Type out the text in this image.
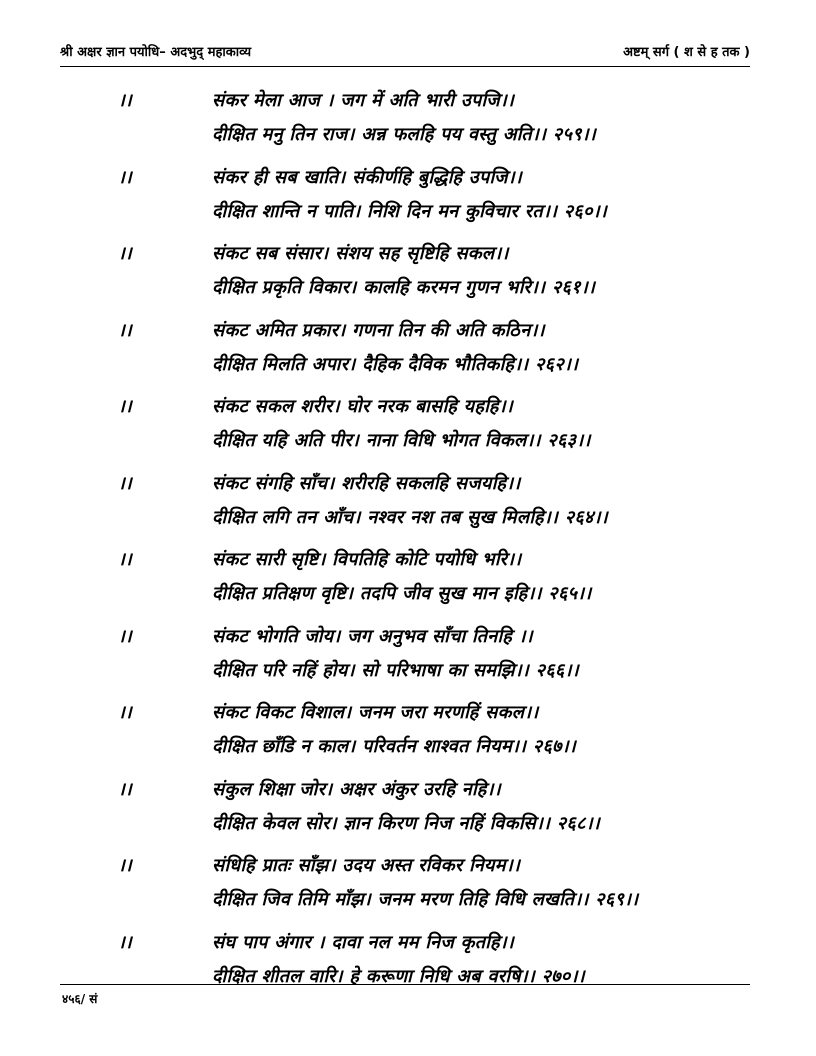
श्री अक्षर ज्ञान पयोधि– अदभुद् महाकाव्य	अष्टम् सर्ग ( श से ह तक )
।।	संकर मेला आज । जग में अति भारी उपजि।।
दीक्षित मनु तिन राज। अन्न फलहि पय वस्तु अति।। २५९।।
।।	संकर ही सब खाति। संकीर्णहि बुद्धिहि उपजि।।
दीक्षित शान्ति न पाति। निशि दिन मन कुविचार रत।। २६०।।
।।	संकट सब संसार। संशय सह सृष्टिहि सकल।।
दीक्षित प्रकृति विकार। कालहि करमन गुणन भरि।। २६१।।
।।	संकट अमित प्रकार। गणना तिन की अति कठिन।।
दीक्षित मिलति अपार। दैहिक दैविक भौतिकहि।। २६२।।
।।	संकट सकल शरीर। घोर नरक बासहि यहहि।।
दीक्षित यहि अति पीर। नाना विधि भोगत विकल।। २६३।।
।।	संकट संगहि साँच। शरीरहि सकलहि सजयहि।।
दीक्षित लगि तन आँच। नश्वर नश तब सुख मिलहि।। २६४।।
।।	संकट सारी सृष्टि। विपतिहि कोटि पयोधि भरि।।
दीक्षित प्रतिक्षण वृष्टि। तदपि जीव सुख मान इहि।। २६५।।
।।	संकट भोगति जोय। जग अनुभव साँचा तिनहि ।।
दीक्षित परि नहिं होय। सो परिभाषा का समझि।। २६६।।
।।	संकट विकट विशाल। जनम जरा मरणहिं सकल।।
दीक्षित छाँडि न काल। परिवर्तन शाश्वत नियम।। २६७।।
।।	संकुल शिक्षा जोर। अक्षर अंकुर उरहि नहि।।
दीक्षित केवल सोर। ज्ञान किरण निज नहिं विकसि।। २६८।।
।।	संधिहि प्रातः साँझ। उदय अस्त रविकर नियम।।
दीक्षित जिव तिमि माँझ। जनम मरण तिहि विधि लखति।। २६९।।
।।	संघ पाप अंगार । दावा नल मम निज कृतहि।।
दीक्षित शीतल वारि। हे करूणा निधि अब वरषि।। २७०।।
४५६/ सं
